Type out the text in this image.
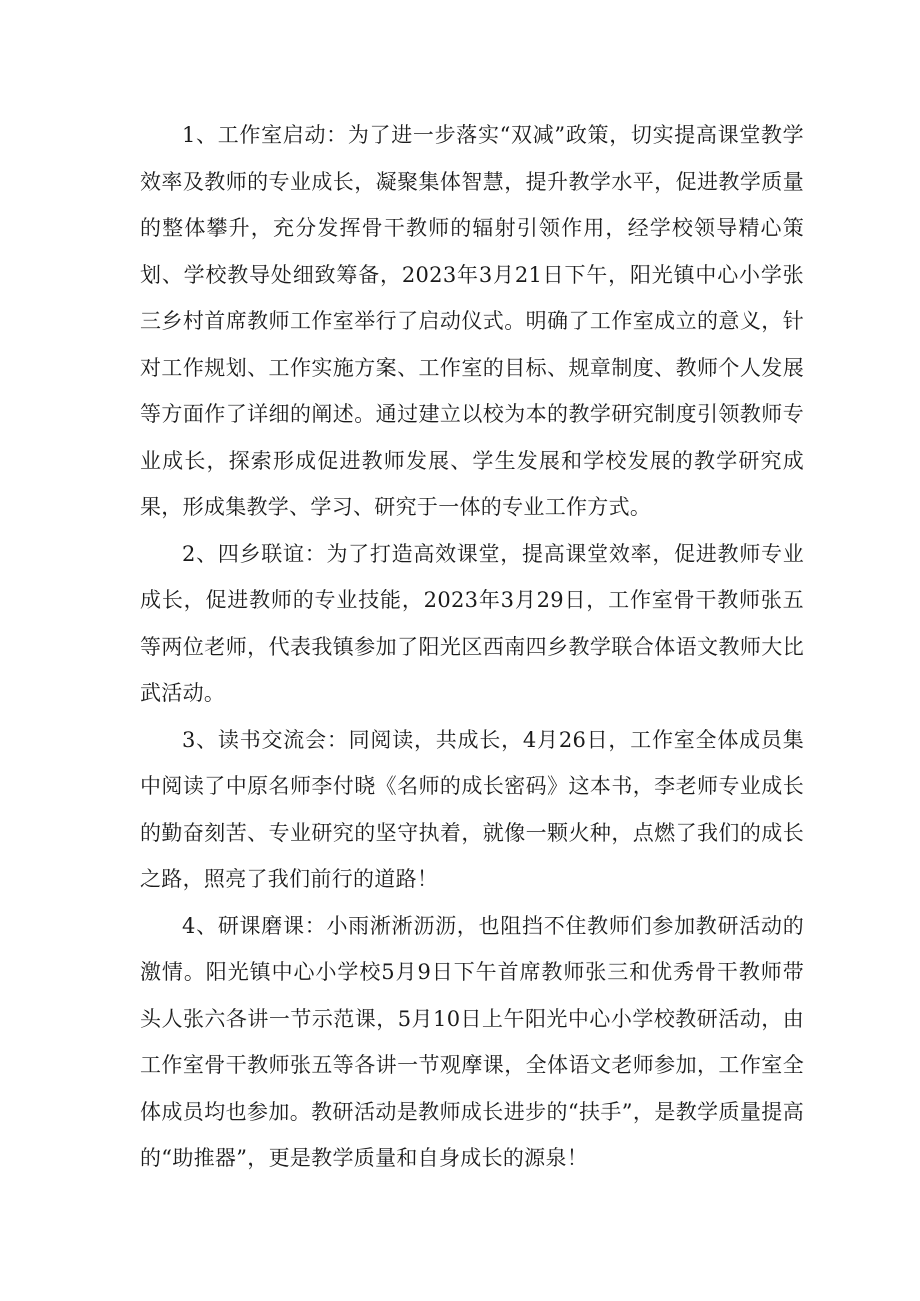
1、工作室启动：为了进一步落实“双减”政策，切实提高课堂教学效率及教师的专业成长，凝聚集体智慧，提升教学水平，促进教学质量的整体攀升，充分发挥骨干教师的辐射引领作用，经学校领导精心策划、学校教导处细致筹备，2023年3月21日下午，阳光镇中心小学张三乡村首席教师工作室举行了启动仪式。明确了工作室成立的意义，针对工作规划、工作实施方案、工作室的目标、规章制度、教师个人发展等方面作了详细的阐述。通过建立以校为本的教学研究制度引领教师专业成长，探索形成促进教师发展、学生发展和学校发展的教学研究成果，形成集教学、学习、研究于一体的专业工作方式。

2、四乡联谊：为了打造高效课堂，提高课堂效率，促进教师专业成长，促进教师的专业技能，2023年3月29日，工作室骨干教师张五等两位老师，代表我镇参加了阳光区西南四乡教学联合体语文教师大比武活动。

3、读书交流会：同阅读，共成长，4月26日，工作室全体成员集中阅读了中原名师李付晓《名师的成长密码》这本书，李老师专业成长的勤奋刻苦、专业研究的坚守执着，就像一颗火种，点燃了我们的成长之路，照亮了我们前行的道路！

4、研课磨课：小雨淅淅沥沥，也阻挡不住教师们参加教研活动的激情。阳光镇中心小学校5月9日下午首席教师张三和优秀骨干教师带头人张六各讲一节示范课，5月10日上午阳光中心小学校教研活动，由工作室骨干教师张五等各讲一节观摩课，全体语文老师参加，工作室全体成员均也参加。教研活动是教师成长进步的“扶手”，是教学质量提高的“助推器”，更是教学质量和自身成长的源泉！
